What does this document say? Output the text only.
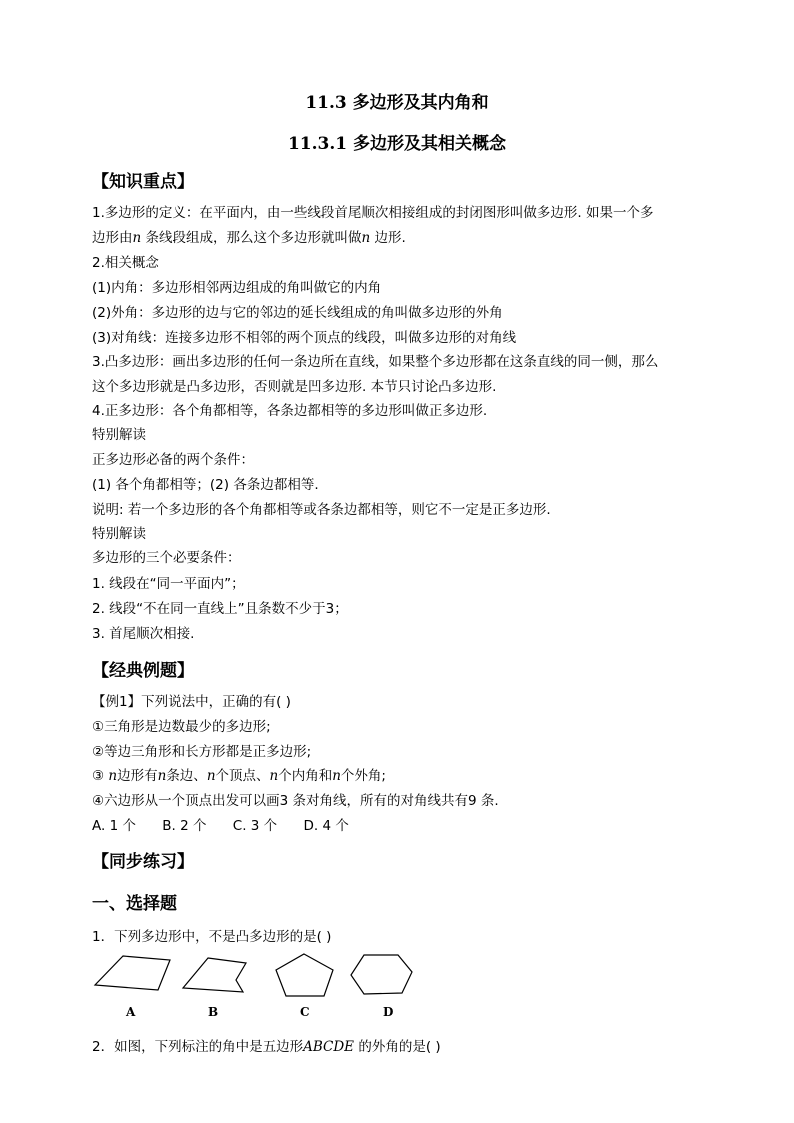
11.3 多边形及其内角和
11.3.1 多边形及其相关概念
【知识重点】
1.多边形的定义：在平面内，由一些线段首尾顺次相接组成的封闭图形叫做多边形. 如果一个多
边形由n 条线段组成，那么这个多边形就叫做n 边形.
2.相关概念
(1)内角：多边形相邻两边组成的角叫做它的内角
(2)外角：多边形的边与它的邻边的延长线组成的角叫做多边形的外角
(3)对角线：连接多边形不相邻的两个顶点的线段，叫做多边形的对角线
3.凸多边形：画出多边形的任何一条边所在直线，如果整个多边形都在这条直线的同一侧，那么
这个多边形就是凸多边形，否则就是凹多边形. 本节只讨论凸多边形.
4.正多边形：各个角都相等，各条边都相等的多边形叫做正多边形.
特别解读
正多边形必备的两个条件：
(1) 各个角都相等；(2) 各条边都相等.
说明: 若一个多边形的各个角都相等或各条边都相等，则它不一定是正多边形.
特别解读
多边形的三个必要条件：
1. 线段在“同一平面内”；
2. 线段“不在同一直线上”且条数不少于3；
3. 首尾顺次相接.
【经典例题】
【例1】下列说法中，正确的有( )
①三角形是边数最少的多边形;
②等边三角形和长方形都是正多边形;
③ n边形有n条边、n个顶点、n个内角和n个外角;
④六边形从一个顶点出发可以画3 条对角线，所有的对角线共有9 条.
A. 1 个 B. 2 个 C. 3 个 D. 4 个
【同步练习】
一、选择题
1．下列多边形中，不是凸多边形的是( )
A	B	C	D
2．如图，下列标注的角中是五边形ABCDE 的外角的是( )
